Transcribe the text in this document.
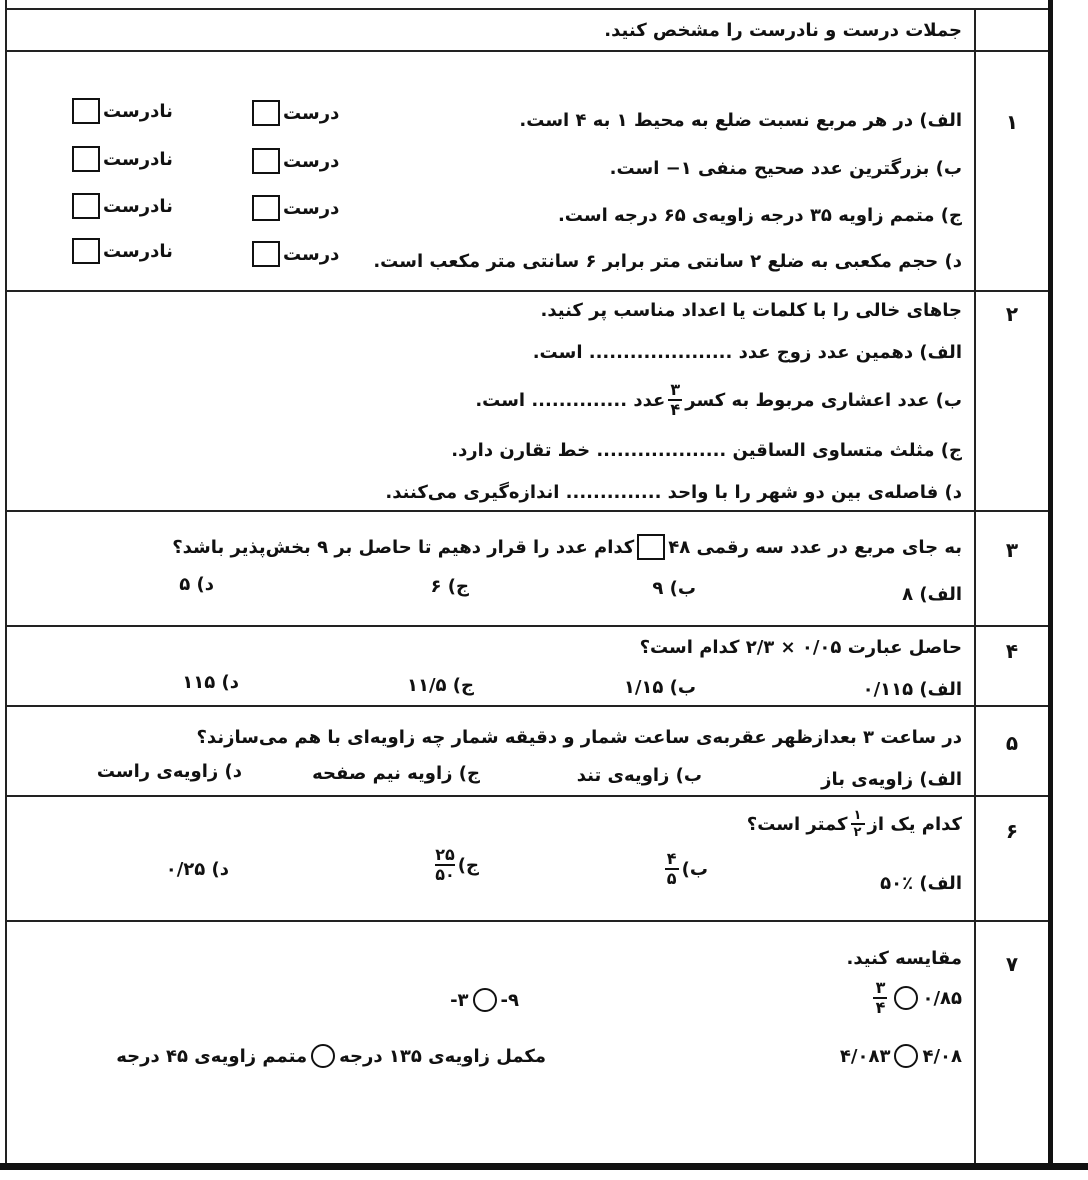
جملات درست و نادرست را مشخص کنید.
۱
الف) در هر مربع نسبت ضلع به محیط ۱ به ۴ است.
ب) بزرگترین عدد صحیح منفی ۱− است.
ج) متمم زاویه ۳۵ درجه زاویه‌ی ۶۵ درجه است.
د) حجم مکعبی به ضلع ۲ سانتی متر برابر ۶ سانتی متر مکعب است.
درست
نادرست
درست
نادرست
درست
نادرست
درست
نادرست
۲
جاهای خالی را با کلمات یا اعداد مناسب پر کنید.
الف) دهمین عدد زوج عدد ..................... است.
ب) عدد اعشاری مربوط به کسر
$\frac{۳}{۴}$
عدد .............. است.
ج) مثلث متساوی الساقین ................... خط تقارن دارد.
د) فاصله‌ی بین دو شهر را با واحد .............. اندازه‌گیری می‌کنند.
۳
به جای مربع در عدد سه رقمی ۴۸
کدام عدد را قرار دهیم تا حاصل بر ۹ بخش‌پذیر باشد؟
الف) ۸
ب) ۹
ج) ۶
د) ۵
۴
حاصل عبارت ۰/۰۵ × ۲/۳ کدام است؟
الف) ۰/۱۱۵
ب) ۱/۱۵
ج) ۱۱/۵
د) ۱۱۵
۵
در ساعت ۳ بعدازظهر عقربه‌ی ساعت شمار و دقیقه شمار چه زاویه‌ای با هم می‌سازند؟
الف) زاویه‌ی باز
ب) زاویه‌ی تند
ج) زاویه نیم صفحه
د) زاویه‌ی راست
۶
کدام یک از
$\frac{۱}{۲}$
کمتر است؟
الف) ٪۵۰
ب)
$\frac{۴}{۵}$
ج)
$\frac{۲۵}{۵۰}$
د) ۰/۲۵
۷
مقایسه کنید.
۰/۸۵
$\frac{۳}{۴}$
۴/۰۸
۴/۰۸۳
-۳ -۹
مکمل زاویه‌ی ۱۳۵ درجه
متمم زاویه‌ی ۴۵ درجه
